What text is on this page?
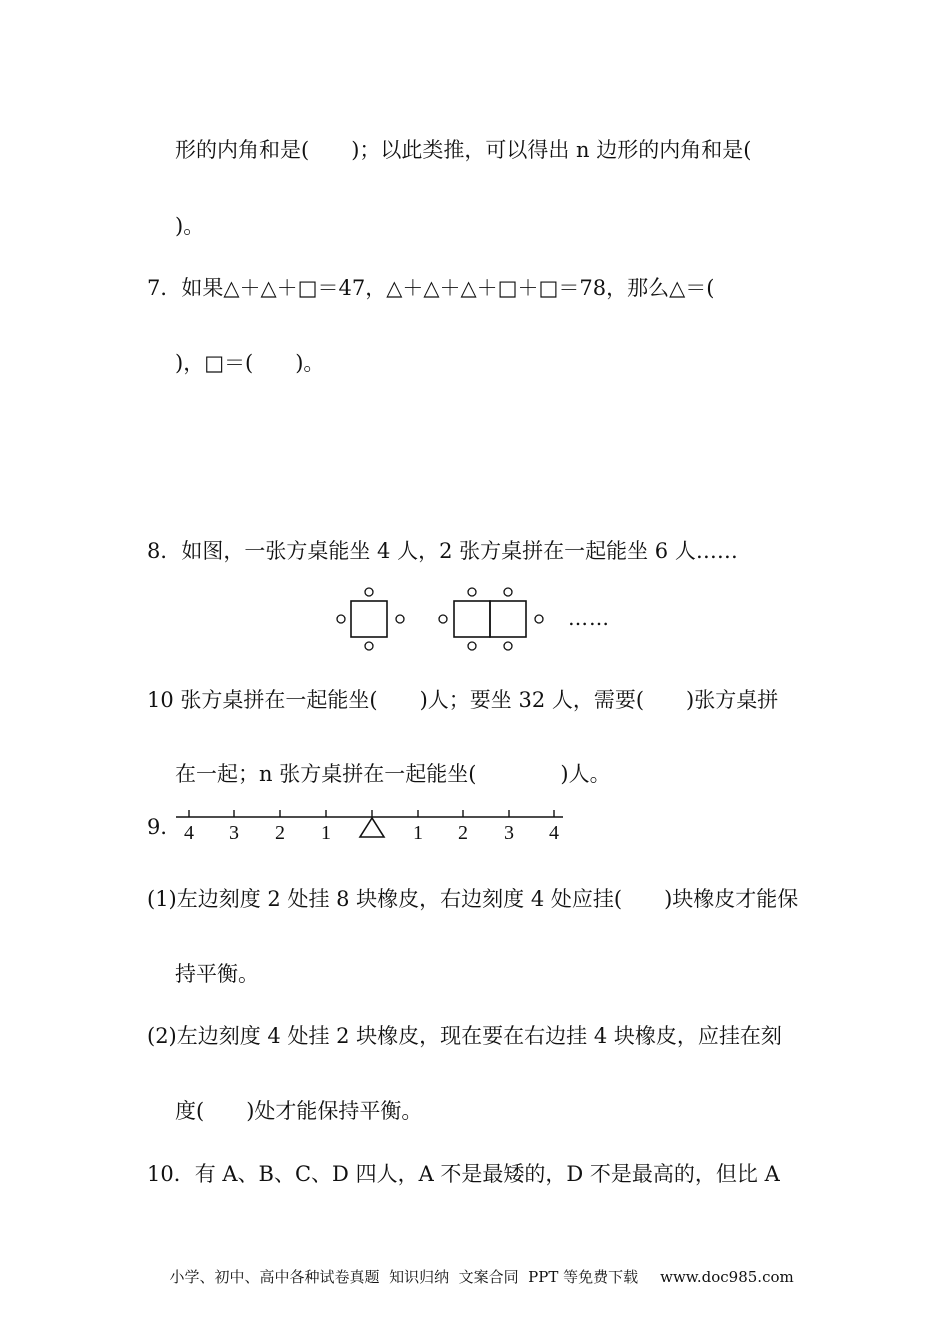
形的内角和是(　　)；以此类推，可以得出 n 边形的内角和是(
)。
7．如果△＋△＋□＝47，△＋△＋△＋□＋□＝78，那么△＝(
)，□＝(　　)。
8．如图，一张方桌能坐 4 人，2 张方桌拼在一起能坐 6 人……
……
10 张方桌拼在一起能坐(　　)人；要坐 32 人，需要(　　)张方桌拼
在一起；n 张方桌拼在一起能坐(　　　　)人。
9． 4 3 2 1	1 2 3 4
(1)左边刻度 2 处挂 8 块橡皮，右边刻度 4 处应挂(　　)块橡皮才能保
持平衡。
(2)左边刻度 4 处挂 2 块橡皮，现在要在右边挂 4 块橡皮，应挂在刻
度(　　)处才能保持平衡。
10．有 A、B、C、D 四人，A 不是最矮的，D 不是最高的，但比 A

小学、初中、高中各种试卷真题  知识归纳  文案合同  PPT 等免费下载 www.doc985.com
